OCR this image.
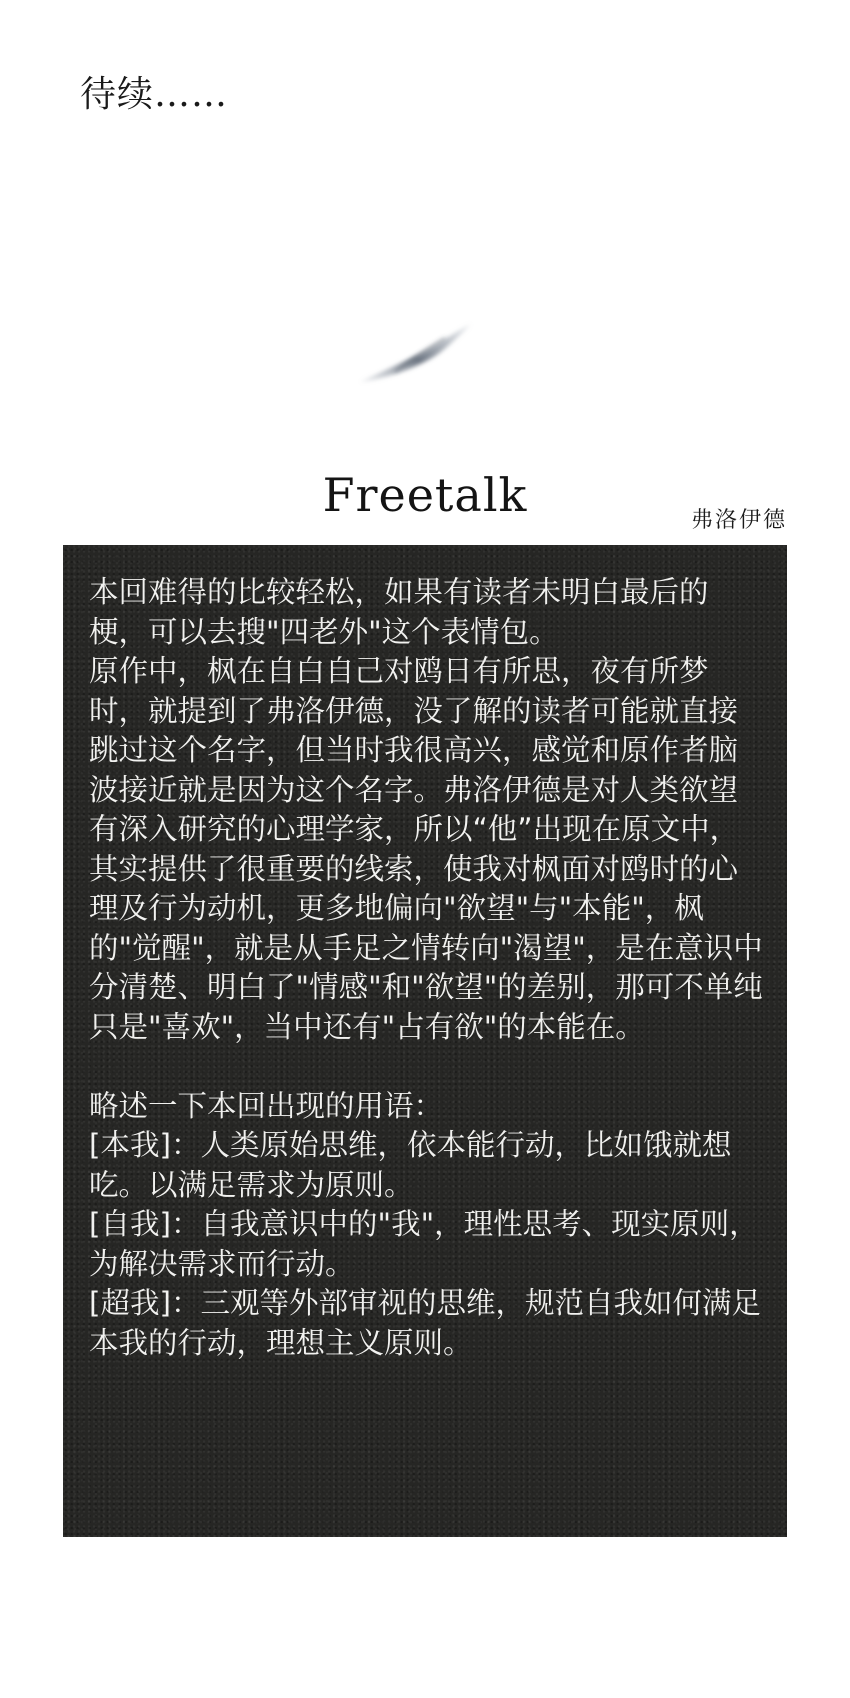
待续……
Freetalk	弗洛伊德

本回难得的比较轻松，如果有读者未明白最后的梗，可以去搜"四老外"这个表情包。

原作中，枫在自白自己对鸥日有所思，夜有所梦时，就提到了弗洛伊德，没了解的读者可能就直接跳过这个名字，但当时我很高兴，感觉和原作者脑波接近就是因为这个名字。弗洛伊德是对人类欲望有深入研究的心理学家，所以“他”出现在原文中，其实提供了很重要的线索，使我对枫面对鸥时的心理及行为动机，更多地偏向"欲望"与"本能"，枫的"觉醒"，就是从手足之情转向"渴望"，是在意识中分清楚、明白了"情感"和"欲望"的差别，那可不单纯只是"喜欢"，当中还有"占有欲"的本能在。

略述一下本回出现的用语：

[本我]：人类原始思维，依本能行动，比如饿就想吃。以满足需求为原则。

[自我]：自我意识中的"我"，理性思考、现实原则，为解决需求而行动。

[超我]：三观等外部审视的思维，规范自我如何满足本我的行动，理想主义原则。
